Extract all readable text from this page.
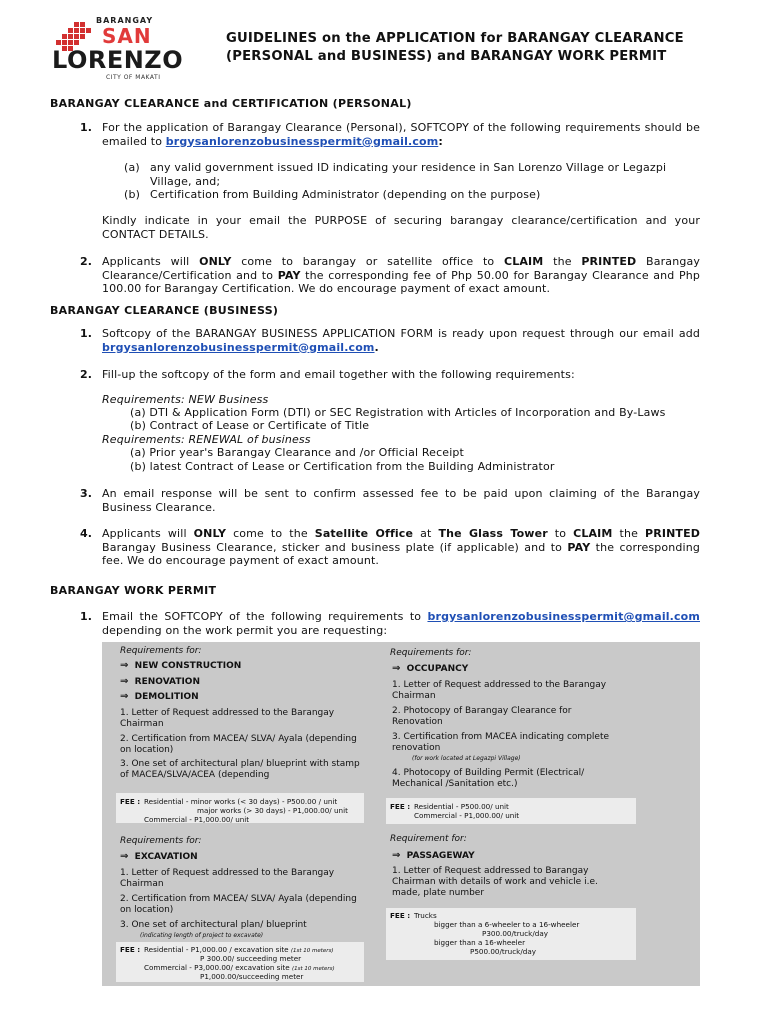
BARANGAY
SAN
LORENZO
CITY OF MAKATI
GUIDELINES on the APPLICATION for BARANGAY CLEARANCE
(PERSONAL and BUSINESS) and BARANGAY WORK PERMIT
BARANGAY CLEARANCE and CERTIFICATION (PERSONAL)
1. For the application of Barangay Clearance (Personal), SOFTCOPY of the following requirements should be emailed to brgysanlorenzobusinesspermit@gmail.com:
(a) any valid government issued ID indicating your residence in San Lorenzo Village or Legazpi Village, and;
(b) Certification from Building Administrator (depending on the purpose)
Kindly indicate in your email the PURPOSE of securing barangay clearance/certification and your CONTACT DETAILS.
2. Applicants will ONLY come to barangay or satellite office to CLAIM the PRINTED Barangay Clearance/Certification and to PAY the corresponding fee of Php 50.00 for Barangay Clearance and Php 100.00 for Barangay Certification. We do encourage payment of exact amount.
BARANGAY CLEARANCE (BUSINESS)
1. Softcopy of the BARANGAY BUSINESS APPLICATION FORM is ready upon request through our email add brgysanlorenzobusinesspermit@gmail.com.
2. Fill-up the softcopy of the form and email together with the following requirements:
Requirements: NEW Business
(a) DTI & Application Form (DTI) or SEC Registration with Articles of Incorporation and By-Laws
(b) Contract of Lease or Certificate of Title
Requirements: RENEWAL of business
(a) Prior year's Barangay Clearance and /or Official Receipt
(b) latest Contract of Lease or Certification from the Building Administrator
3. An email response will be sent to confirm assessed fee to be paid upon claiming of the Barangay Business Clearance.
4. Applicants will ONLY come to the Satellite Office at The Glass Tower to CLAIM the PRINTED Barangay Business Clearance, sticker and business plate (if applicable) and to PAY the corresponding fee. We do encourage payment of exact amount.
BARANGAY WORK PERMIT
1. Email the SOFTCOPY of the following requirements to brgysanlorenzobusinesspermit@gmail.com depending on the work permit you are requesting:
Requirements for:
⇒ NEW CONSTRUCTION
⇒ RENOVATION
⇒ DEMOLITION
1. Letter of Request addressed to the Barangay Chairman
2. Certification from MACEA/ SLVA/ Ayala (depending on location)
3. One set of architectural plan/ blueprint with stamp of MACEA/SLVA/ACEA (depending
FEE : Residential - minor works (< 30 days) - P500.00 / unit
major works (> 30 days) - P1,000.00/ unit
Commercial - P1,000.00/ unit
Requirements for:
⇒ OCCUPANCY
1. Letter of Request addressed to the Barangay Chairman
2. Photocopy of Barangay Clearance for Renovation
3. Certification from MACEA indicating complete renovation
(for work located at Legazpi Village)
4. Photocopy of Building Permit (Electrical/ Mechanical /Sanitation etc.)
FEE : Residential - P500.00/ unit
Commercial - P1,000.00/ unit
Requirements for:
⇒ EXCAVATION
1. Letter of Request addressed to the Barangay Chairman
2. Certification from MACEA/ SLVA/ Ayala (depending on location)
3. One set of architectural plan/ blueprint
(indicating length of project to excavate)
FEE : Residential - P1,000.00 / excavation site (1st 10 meters)
P 300.00/ succeeding meter
Commercial - P3,000.00/ excavation site (1st 10 meters)
P1,000.00/succeeding meter
Requirement for:
⇒ PASSAGEWAY
1. Letter of Request addressed to Barangay Chairman with details of work and vehicle i.e. made, plate number
FEE : Trucks
bigger than a 6-wheeler to a 16-wheeler
P300.00/truck/day
bigger than a 16-wheeler
P500.00/truck/day
